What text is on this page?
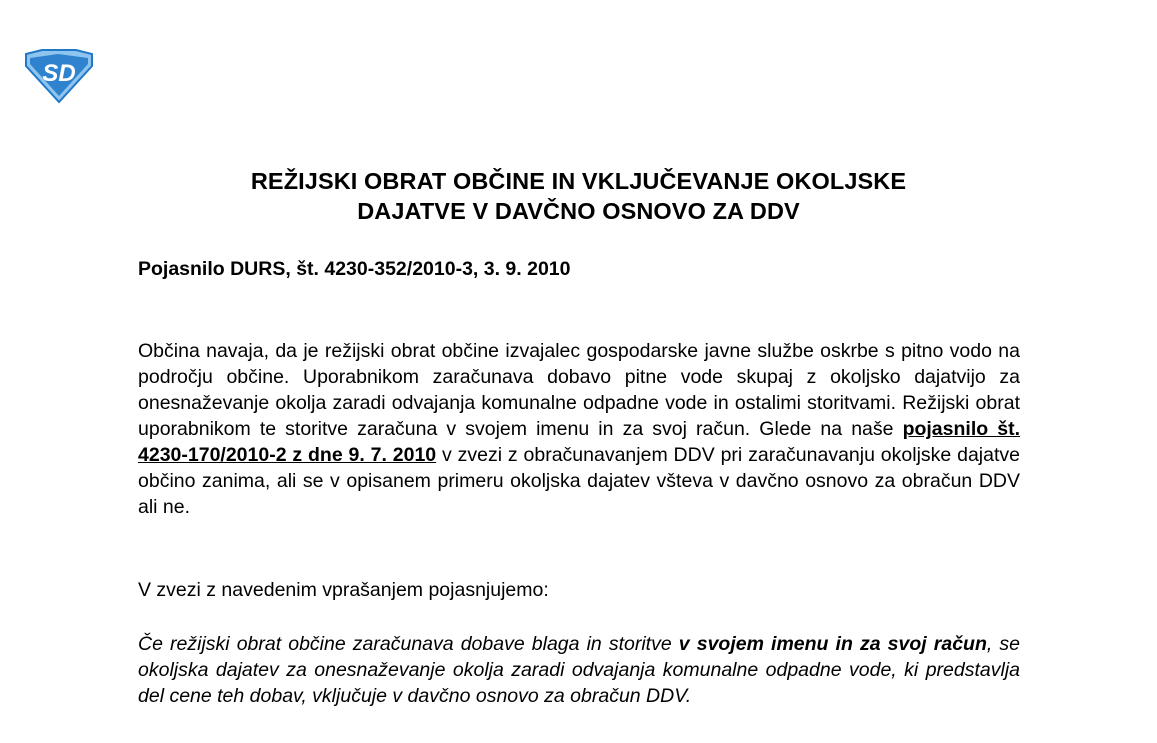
SD
REŽIJSKI OBRAT OBČINE IN VKLJUČEVANJE OKOLJSKE
DAJATVE V DAVČNO OSNOVO ZA DDV
Pojasnilo DURS, št. 4230-352/2010-3, 3. 9. 2010

Občina navaja, da je režijski obrat občine izvajalec gospodarske javne službe oskrbe s pitno vodo na področju občine. Uporabnikom zaračunava dobavo pitne vode skupaj z okoljsko dajatvijo za onesnaževanje okolja zaradi odvajanja komunalne odpadne vode in ostalimi storitvami. Režijski obrat uporabnikom te storitve zaračuna v svojem imenu in za svoj račun. Glede na naše pojasnilo št. 4230-170/2010-2 z dne 9. 7. 2010 v zvezi z obračunavanjem DDV pri zaračunavanju okoljske dajatve občino zanima, ali se v opisanem primeru okoljska dajatev všteva v davčno osnovo za obračun DDV ali ne.

V zvezi z navedenim vprašanjem pojasnjujemo:

Če režijski obrat občine zaračunava dobave blaga in storitve v svojem imenu in za svoj račun, se okoljska dajatev za onesnaževanje okolja zaradi odvajanja komunalne odpadne vode, ki predstavlja del cene teh dobav, vključuje v davčno osnovo za obračun DDV.
